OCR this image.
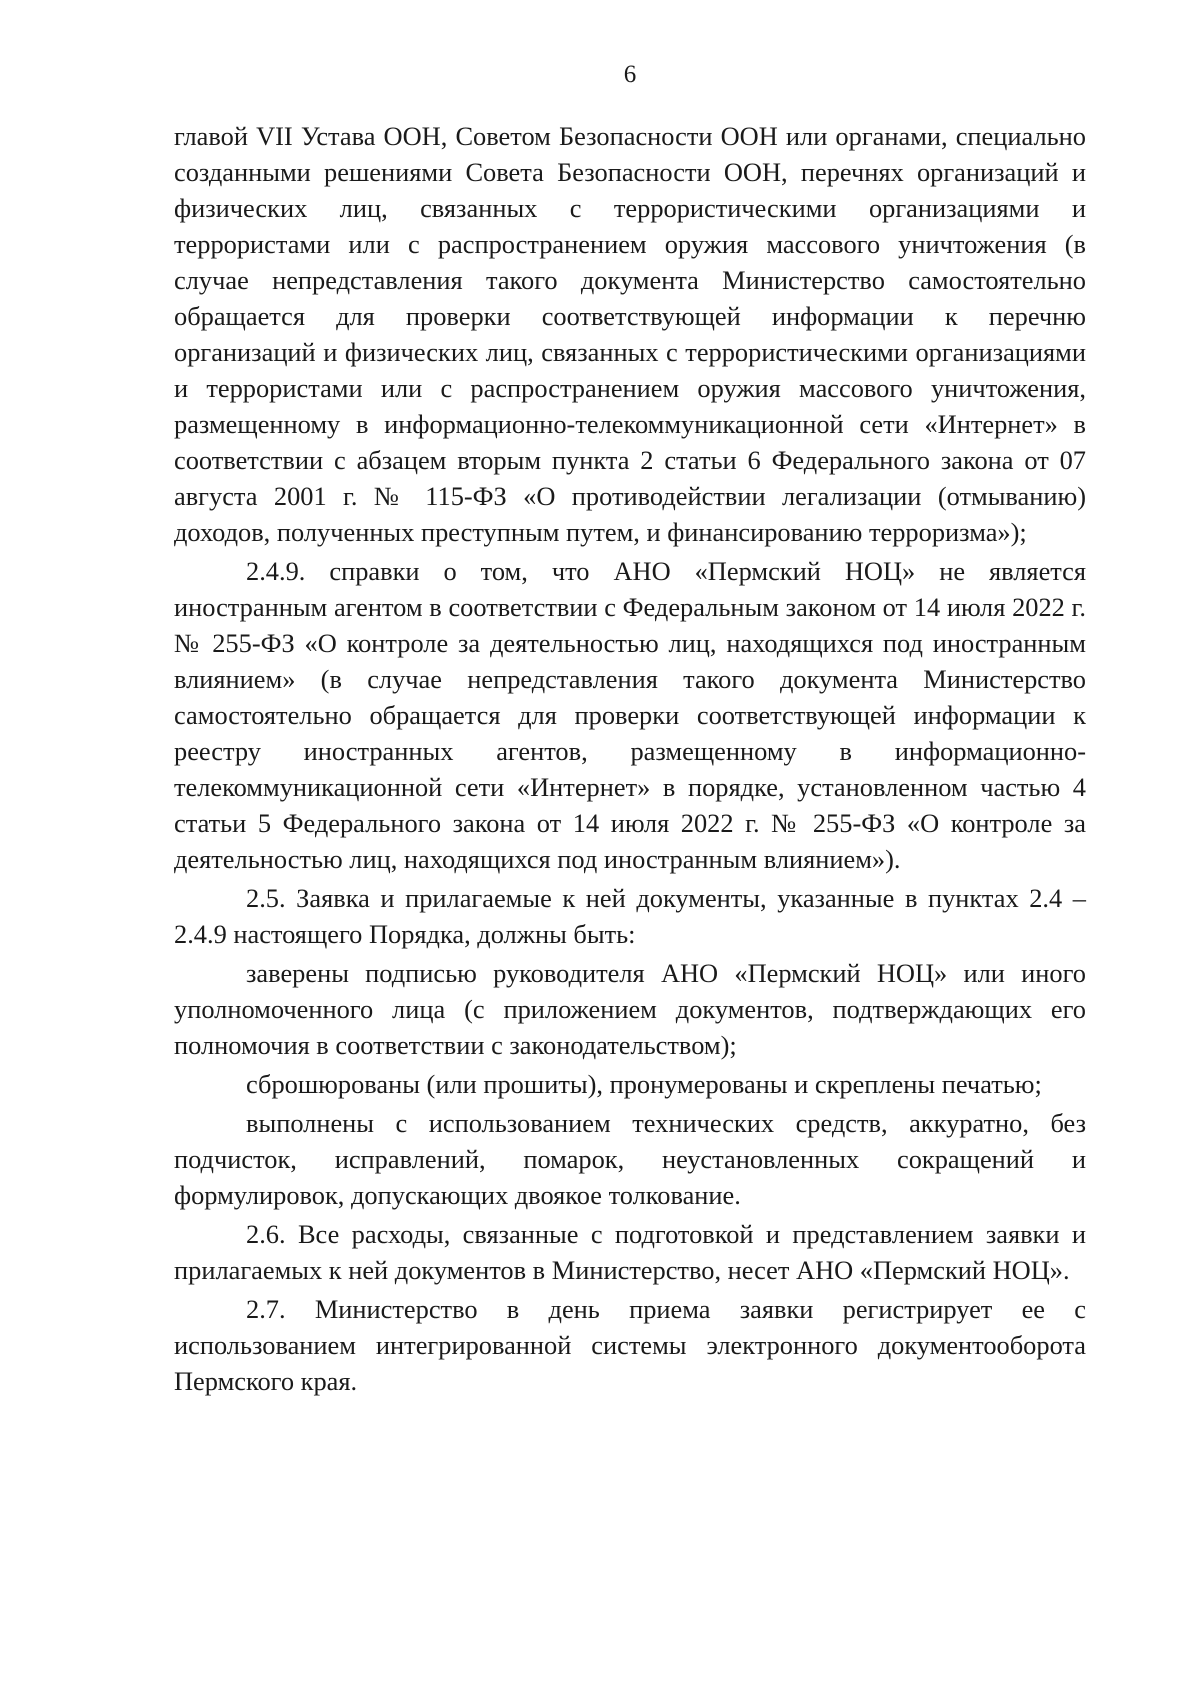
6

главой VII Устава ООН, Советом Безопасности ООН или органами, специально созданными решениями Совета Безопасности ООН, перечнях организаций и физических лиц, связанных с террористическими организациями и террористами или с распространением оружия массового уничтожения (в случае непредставления такого документа Министерство самостоятельно обращается для проверки соответствующей информации к перечню организаций и физических лиц, связанных с террористическими организациями и террористами или с распространением оружия массового уничтожения, размещенному в информационно-телекоммуникационной сети «Интернет» в соответствии с абзацем вторым пункта 2 статьи 6 Федерального закона от 07 августа 2001 г. № 115-ФЗ «О противодействии легализации (отмыванию) доходов, полученных преступным путем, и финансированию терроризма»);

2.4.9. справки о том, что АНО «Пермский НОЦ» не является иностранным агентом в соответствии с Федеральным законом от 14 июля 2022 г. № 255-ФЗ «О контроле за деятельностью лиц, находящихся под иностранным влиянием» (в случае непредставления такого документа Министерство самостоятельно обращается для проверки соответствующей информации к реестру иностранных агентов, размещенному в информационно-телекоммуникационной сети «Интернет» в порядке, установленном частью 4 статьи 5 Федерального закона от 14 июля 2022 г. № 255-ФЗ «О контроле за деятельностью лиц, находящихся под иностранным влиянием»).

2.5. Заявка и прилагаемые к ней документы, указанные в пунктах 2.4 – 2.4.9 настоящего Порядка, должны быть:

заверены подписью руководителя АНО «Пермский НОЦ» или иного уполномоченного лица (с приложением документов, подтверждающих его полномочия в соответствии с законодательством);

сброшюрованы (или прошиты), пронумерованы и скреплены печатью;

выполнены с использованием технических средств, аккуратно, без подчисток, исправлений, помарок, неустановленных сокращений и формулировок, допускающих двоякое толкование.

2.6. Все расходы, связанные с подготовкой и представлением заявки и прилагаемых к ней документов в Министерство, несет АНО «Пермский НОЦ».

2.7. Министерство в день приема заявки регистрирует ее с использованием интегрированной системы электронного документооборота Пермского края.
